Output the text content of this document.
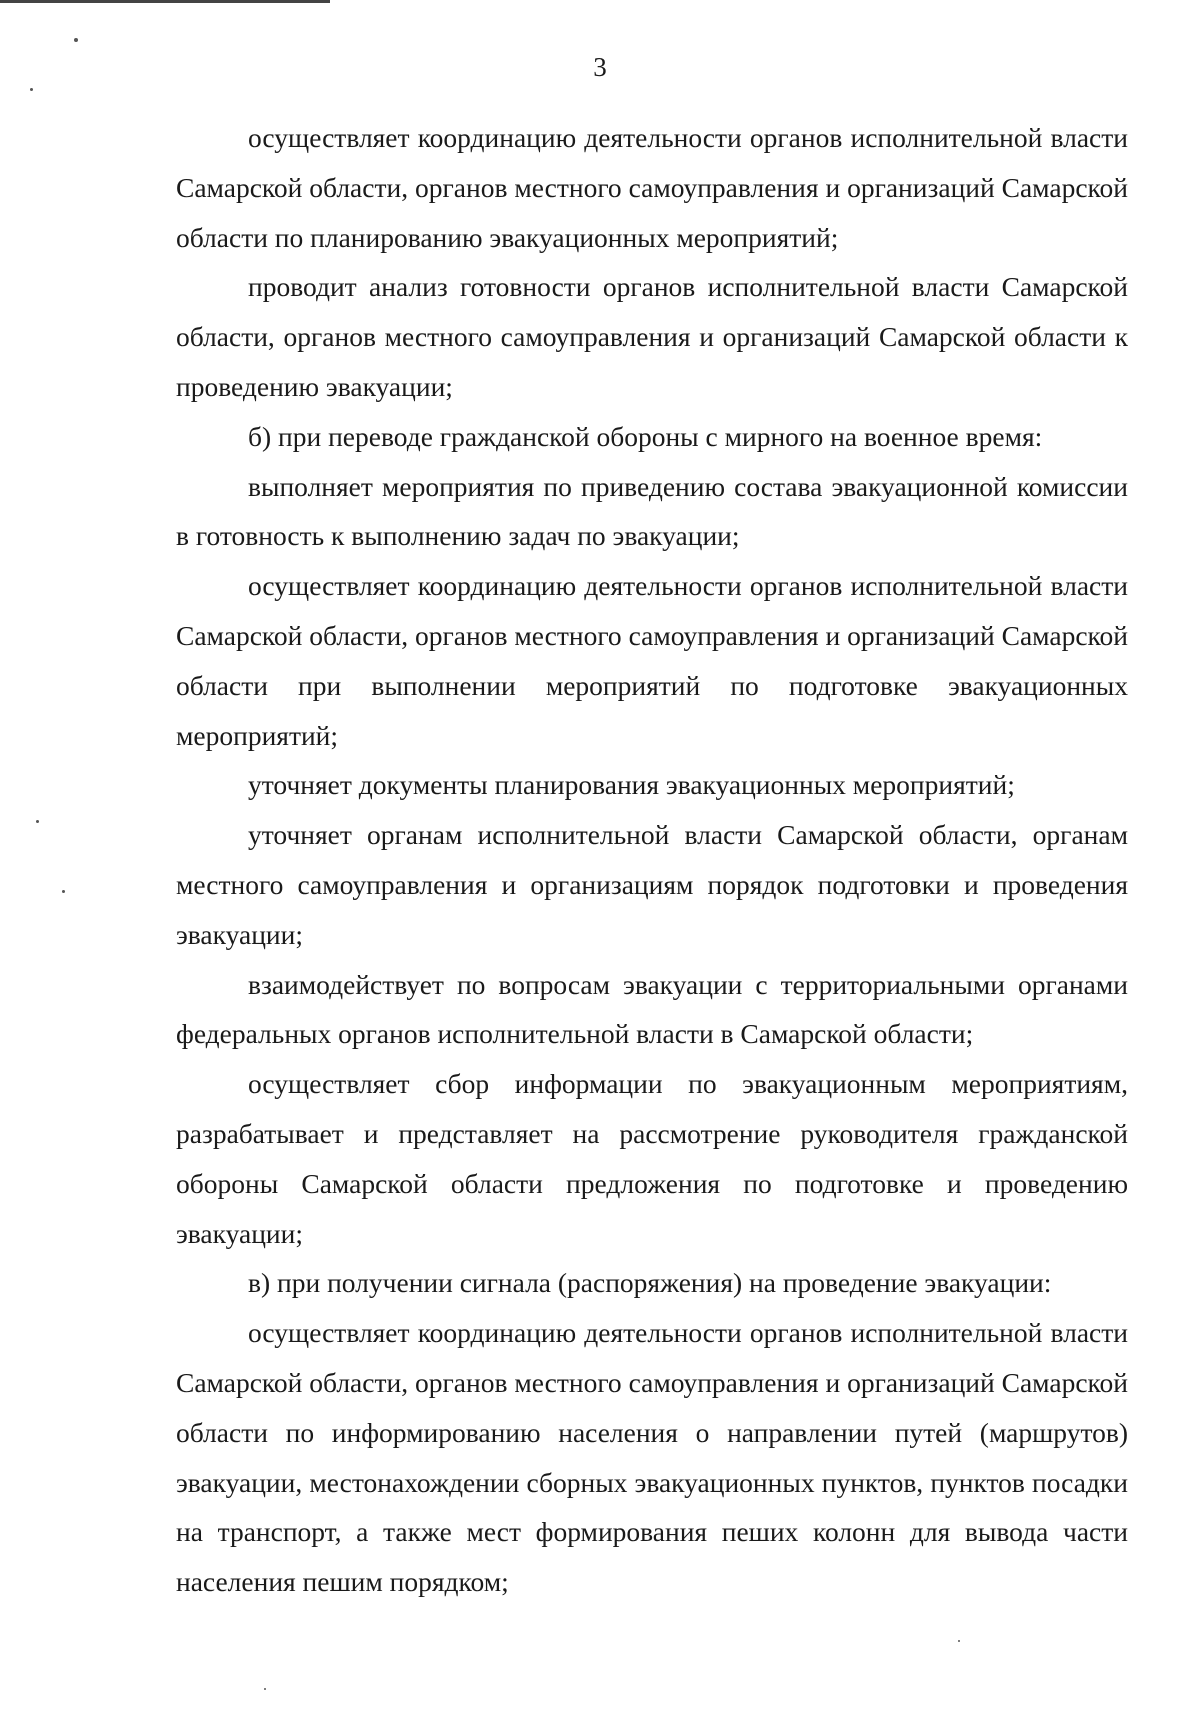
3

осуществляет координацию деятельности органов исполнительной власти Самарской области, органов местного самоуправления и организаций Самарской области по планированию эвакуационных мероприятий;

проводит анализ готовности органов исполнительной власти Самарской области, органов местного самоуправления и организаций Самарской области к проведению эвакуации;

б) при переводе гражданской обороны с мирного на военное время:

выполняет мероприятия по приведению состава эвакуационной комиссии в готовность к выполнению задач по эвакуации;

осуществляет координацию деятельности органов исполнительной власти Самарской области, органов местного самоуправления и организаций Самарской области при выполнении мероприятий по подготовке эвакуационных мероприятий;

уточняет документы планирования эвакуационных мероприятий;

уточняет органам исполнительной власти Самарской области, органам местного самоуправления и организациям порядок подготовки и проведения эвакуации;

взаимодействует по вопросам эвакуации с территориальными органами федеральных органов исполнительной власти в Самарской области;

осуществляет сбор информации по эвакуационным мероприятиям, разрабатывает и представляет на рассмотрение руководителя гражданской обороны Самарской области предложения по подготовке и проведению эвакуации;

в) при получении сигнала (распоряжения) на проведение эвакуации:

осуществляет координацию деятельности органов исполнительной власти Самарской области, органов местного самоуправления и организаций Самарской области по информированию населения о направлении путей (маршрутов) эвакуации, местонахождении сборных эвакуационных пунктов, пунктов посадки на транспорт, а также мест формирования пеших колонн для вывода части населения пешим порядком;
